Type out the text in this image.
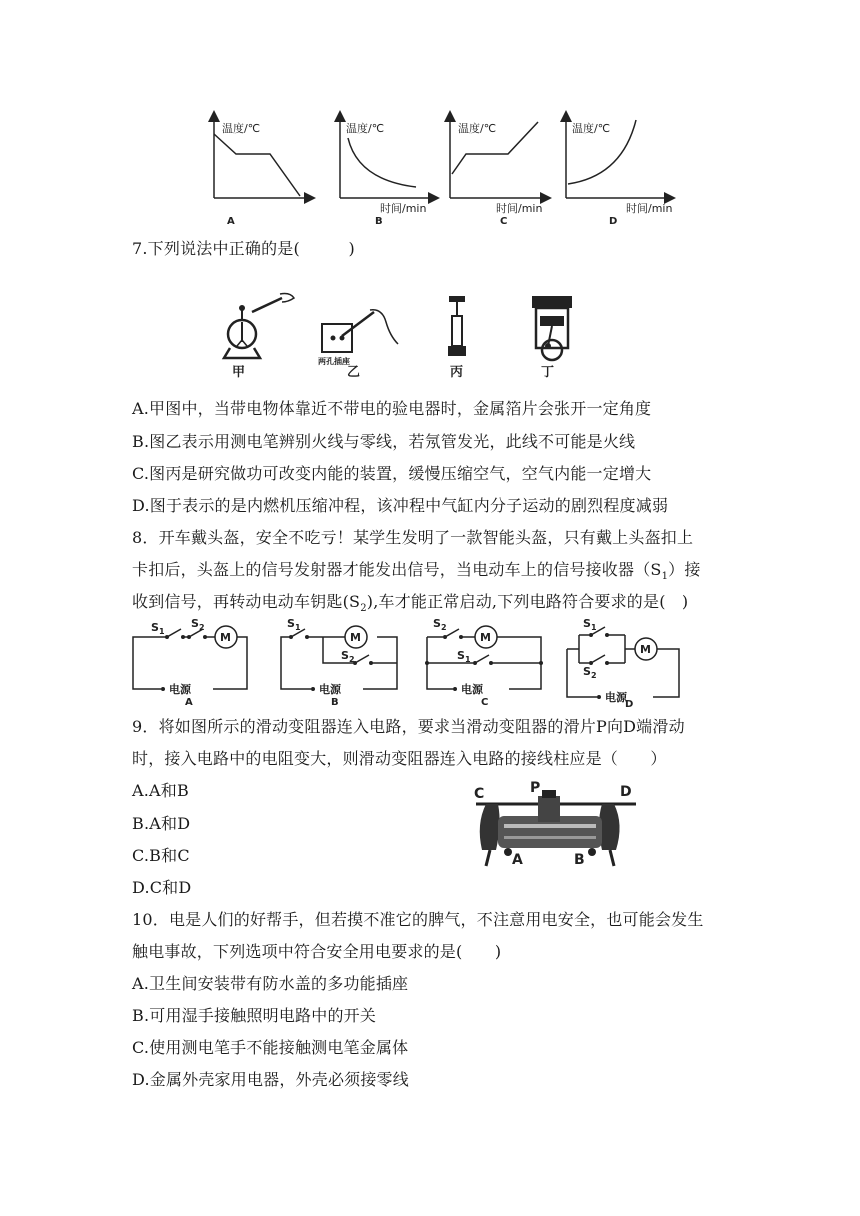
温度/℃
A
温度/℃
时间/min
B
温度/℃
时间/min
C
温度/℃
时间/min
D
7.下列说法中正确的是(　　　)
甲
两孔插座
乙	丙	丁
A.甲图中，当带电物体靠近不带电的验电器时，金属箔片会张开一定角度
B.图乙表示用测电笔辨别火线与零线，若氖管发光，此线不可能是火线
C.图丙是研究做功可改变内能的装置，缓慢压缩空气，空气内能一定增大
D.图于表示的是内燃机压缩冲程，该冲程中气缸内分子运动的剧烈程度减弱
8．开车戴头盔，安全不吃亏！某学生发明了一款智能头盔，只有戴上头盔扣上
卡扣后，头盔上的信号发射器才能发出信号，当电动车上的信号接收器$(S_1)$接
收到信号，再转动电动车钥匙$(S_2)$,车才能正常启动,下列电路符合要求的是(　)
M
$S_1$
$S_2$
电源
A
M
$S_1$
$S_2$
电源
B
M
$S_2$
$S_1$
电源
C
M
$S_1$
$S_2$
电源
D
9．将如图所示的滑动变阻器连入电路，要求当滑动变阻器的滑片P向D端滑动
时，接入电路中的电阻变大，则滑动变阻器连入电路的接线柱应是（　　）
A.A和B
B.A和D
C.B和C
D.C和D
C	P	D
A	B
10．电是人们的好帮手，但若摸不准它的脾气，不注意用电安全，也可能会发生
触电事故，下列选项中符合安全用电要求的是(　　)
A.卫生间安装带有防水盖的多功能插座
B.可用湿手接触照明电路中的开关
C.使用测电笔手不能接触测电笔金属体
D.金属外壳家用电器，外壳必须接零线
